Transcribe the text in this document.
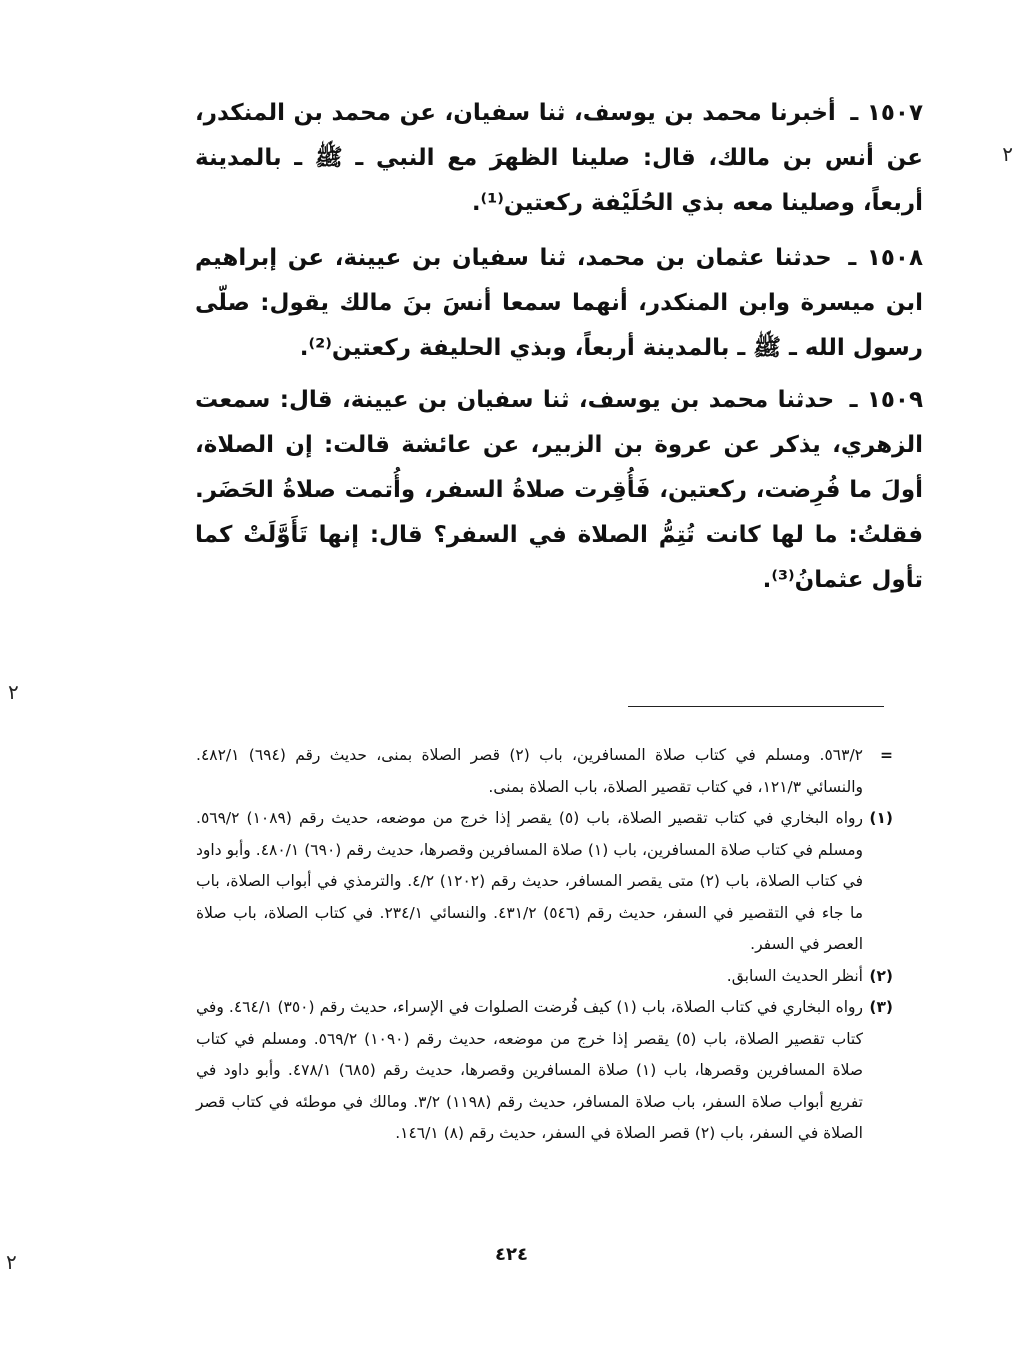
١٥٠٧ ـ أخبرنا محمد بن يوسف، ثنا سفيان، عن محمد بن المنكدر، عن أنس بن مالك، قال: صلينا الظهرَ مع النبي ـ ﷺ ـ بالمدينة أربعاً، وصلينا معه بذي الحُلَيْفة ركعتين⁽¹⁾.

١٥٠٨ ـ حدثنا عثمان بن محمد، ثنا سفيان بن عيينة، عن إبراهيم ابن ميسرة وابن المنكدر، أنهما سمعا أنسَ بنَ مالك يقول: صلّى رسول الله ـ ﷺ ـ بالمدينة أربعاً، وبذي الحليفة ركعتين⁽²⁾.

١٥٠٩ ـ حدثنا محمد بن يوسف، ثنا سفيان بن عيينة، قال: سمعت الزهري، يذكر عن عروة بن الزبير، عن عائشة قالت: إن الصلاة، أولَ ما فُرِضت، ركعتين، فَأُقِرت صلاةُ السفر، وأُتمت صلاةُ الحَضَر. فقلتُ: ما لها كانت تُتِمُّ الصلاة في السفر؟ قال: إنها تَأَوَّلَتْ كما تأول عثمانُ⁽³⁾.

=
٥٦٣/٢. ومسلم في كتاب صلاة المسافرين، باب (٢) قصر الصلاة بمنى، حديث رقم (٦٩٤) ٤٨٢/١. والنسائي ١٢١/٣، في كتاب تقصير الصلاة، باب الصلاة بمنى.

(١)
رواه البخاري في كتاب تقصير الصلاة، باب (٥) يقصر إذا خرج من موضعه، حديث رقم (١٠٨٩) ٥٦٩/٢. ومسلم في كتاب صلاة المسافرين، باب (١) صلاة المسافرين وقصرها، حديث رقم (٦٩٠) ٤٨٠/١. وأبو داود في كتاب الصلاة، باب (٢) متى يقصر المسافر، حديث رقم (١٢٠٢) ٤/٢. والترمذي في أبواب الصلاة، باب ما جاء في التقصير في السفر، حديث رقم (٥٤٦) ٤٣١/٢. والنسائي ٢٣٤/١. في كتاب الصلاة، باب صلاة العصر في السفر.

(٢)
أنظر الحديث السابق.

(٣)
رواه البخاري في كتاب الصلاة، باب (١) كيف فُرضت الصلوات في الإسراء، حديث رقم (٣٥٠) ٤٦٤/١. وفي كتاب تقصير الصلاة، باب (٥) يقصر إذا خرج من موضعه، حديث رقم (١٠٩٠) ٥٦٩/٢. ومسلم في كتاب صلاة المسافرين وقصرها، باب (١) صلاة المسافرين وقصرها، حديث رقم (٦٨٥) ٤٧٨/١. وأبو داود في تفريع أبواب صلاة السفر، باب صلاة المسافر، حديث رقم (١١٩٨) ٣/٢. ومالك في موطئه في كتاب قصر الصلاة في السفر، باب (٢) قصر الصلاة في السفر، حديث رقم (٨) ١٤٦/١.

٤٢٤
٢
٢
٢
